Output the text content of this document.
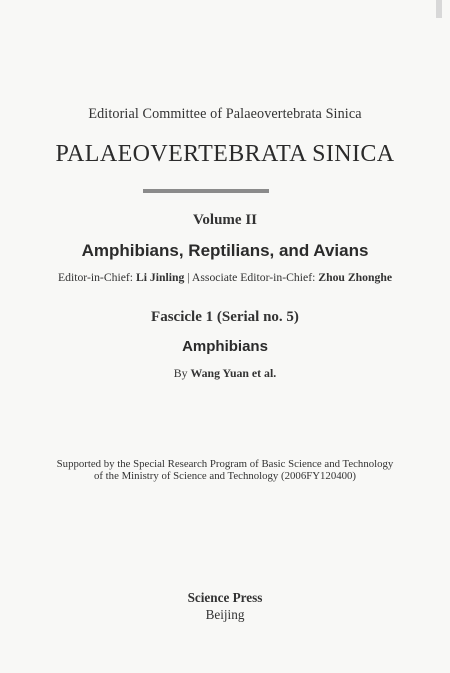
Editorial Committee of Palaeovertebrata Sinica
PALAEOVERTEBRATA SINICA
Volume II
Amphibians, Reptilians, and Avians
Editor-in-Chief: Li Jinling | Associate Editor-in-Chief: Zhou Zhonghe
Fascicle 1 (Serial no. 5)
Amphibians
By Wang Yuan et al.
Supported by the Special Research Program of Basic Science and Technology
of the Ministry of Science and Technology (2006FY120400)
Science Press
Beijing
